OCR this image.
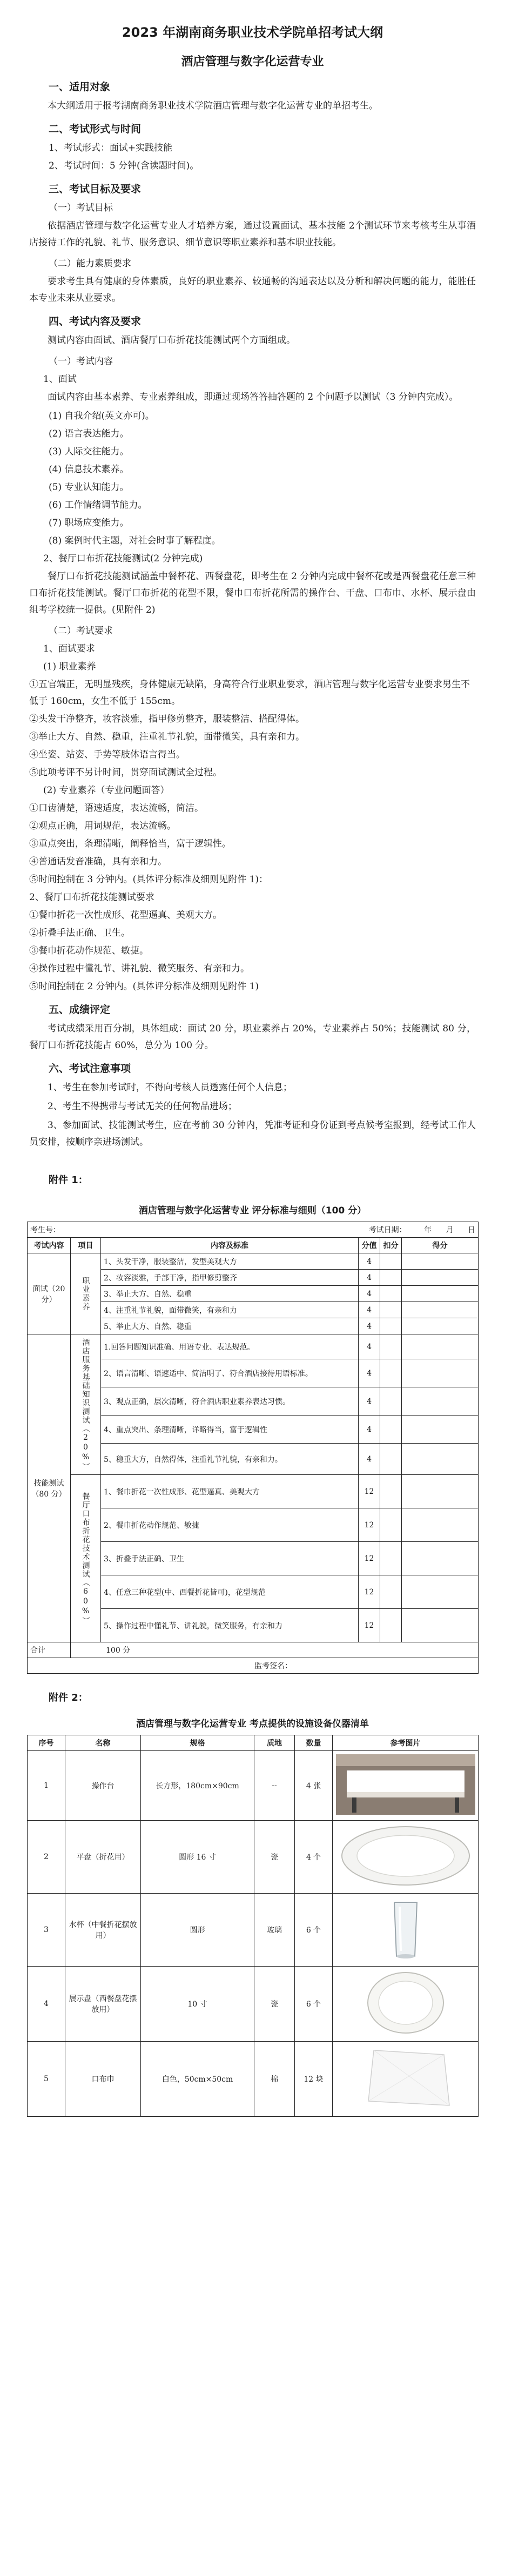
2023 年湖南商务职业技术学院单招考试大纲
酒店管理与数字化运营专业
一、适用对象

本大纲适用于报考湖南商务职业技术学院酒店管理与数字化运营专业的单招考生。

二、考试形式与时间
1、考试形式：面试+实践技能
2、考试时间：5 分钟(含读题时间)。
三、考试目标及要求
（一）考试目标

依据酒店管理与数字化运营专业人才培养方案，通过设置面试、基本技能 2个测试环节来考核考生从事酒店接待工作的礼貌、礼节、服务意识、细节意识等职业素养和基本职业技能。

（二）能力素质要求

要求考生具有健康的身体素质，良好的职业素养、较通畅的沟通表达以及分析和解决问题的能力，能胜任本专业未来从业要求。

四、考试内容及要求

测试内容由面试、酒店餐厅口布折花技能测试两个方面组成。

（一）考试内容
1、面试

面试内容由基本素养、专业素养组成，即通过现场答答抽答题的 2 个问题予以测试（3 分钟内完成）。

(1) 自我介绍(英文亦可)。
(2) 语言表达能力。
(3) 人际交往能力。
(4) 信息技术素养。
(5) 专业认知能力。
(6) 工作情绪调节能力。
(7) 职场应变能力。
(8) 案例时代主题，对社会时事了解程度。
2、餐厅口布折花技能测试(2 分钟完成)

餐厅口布折花技能测试涵盖中餐杯花、西餐盘花，即考生在 2 分钟内完成中餐杯花或是西餐盘花任意三种口布折花技能测试。餐厅口布折花的花型不限，餐巾口布折花所需的操作台、干盘、口布巾、水杯、展示盘由组考学校统一提供。(见附件 2)

（二）考试要求
1、面试要求
(1) 职业素养
①五官端正，无明显残疾，身体健康无缺陷，身高符合行业职业要求，酒店管理与数字化运营专业要求男生不低于 160cm，女生不低于 155cm。
②头发干净整齐，妆容淡雅，指甲修剪整齐，服装整洁、搭配得体。
③举止大方、自然、稳重，注重礼节礼貌，面带微笑，具有亲和力。
④坐姿、站姿、手势等肢体语言得当。
⑤此项考评不另计时间，贯穿面试测试全过程。
(2) 专业素养（专业问题面答）
①口齿清楚，语速适度，表达流畅，简洁。
②观点正确，用词规范，表达流畅。
③重点突出，条理清晰，阐释恰当，富于逻辑性。
④普通话发音准确，具有亲和力。
⑤时间控制在 3 分钟内。(具体评分标准及细则见附件 1)：
2、餐厅口布折花技能测试要求
①餐巾折花一次性成形、花型逼真、美观大方。
②折叠手法正确、卫生。
③餐巾折花动作规范、敏捷。
④操作过程中懂礼节、讲礼貌、微笑服务、有亲和力。
⑤时间控制在 2 分钟内。(具体评分标准及细则见附件 1)
五、成绩评定

考试成绩采用百分制，具体组成：面试 20 分，职业素养占 20%，专业素养占 50%；技能测试 80 分，餐厅口布折花技能占 60%，总分为 100 分。

六、考试注意事项

1、考生在参加考试时，不得向考核人员透露任何个人信息；

2、考生不得携带与考试无关的任何物品进场；

3、参加面试、技能测试考生，应在考前 30 分钟内，凭准考证和身份证到考点候考室报到，经考试工作人员安排，按顺序亲进场测试。

附件 1：
酒店管理与数字化运营专业 评分标准与细则（100 分）
考生号：			考试日期： 年 月 日		
考试内容	项目	内容及标准	分值	扣分	得分
面试（20 分）	职业素养	1、头发干净，服装整洁，发型美观大方	4		
		2、妆容淡雅，手部干净，指甲修剪整齐	4		
		3、举止大方、自然、稳重	4		
		4、注重礼节礼貌，面带微笑，有亲和力	4		
		5、举止大方、自然、稳重	4		
技能测试（80 分）	酒店服务基础知识测试（20%）	1.回答问题知识准确、用语专业、表达规范。	4		
		2、语言清晰、语速适中、简洁明了、符合酒店接待用语标准。	4		
		3、观点正确，层次清晰，符合酒店职业素养表达习惯。	4		
		4、重点突出、条理清晰，详略得当，富于逻辑性	4		
		5、稳重大方，自然得体，注重礼节礼貌，有亲和力。	4		

	餐厅口布折花技术测试（60%）	1、餐巾折花一次性成形、花型逼真、美观大方	12		
		2、餐巾折花动作规范、敏捷	12		
		3、折叠手法正确、卫生	12		
		4、任意三种花型(中、西餐折花皆可)，花型规范	12		
		5、操作过程中懂礼节、讲礼貌，微笑服务，有亲和力	12		
合计	100 分				
监考签名：					
附件 2：
酒店管理与数字化运营专业 考点提供的设施设备仪器清单
序号	名称	规格	质地	数量	参考图片
1	操作台	长方形，180cm×90cm	--	4 张	
2	平盘（折花用）	圆形 16 寸	瓷	4 个	
3	水杯（中餐折花摆放用）	圆形	玻璃	6 个	
4	展示盘（西餐盘花摆放用）	10 寸	瓷	6 个	
5	口布巾	白色，50cm×50cm	棉	12 块	
